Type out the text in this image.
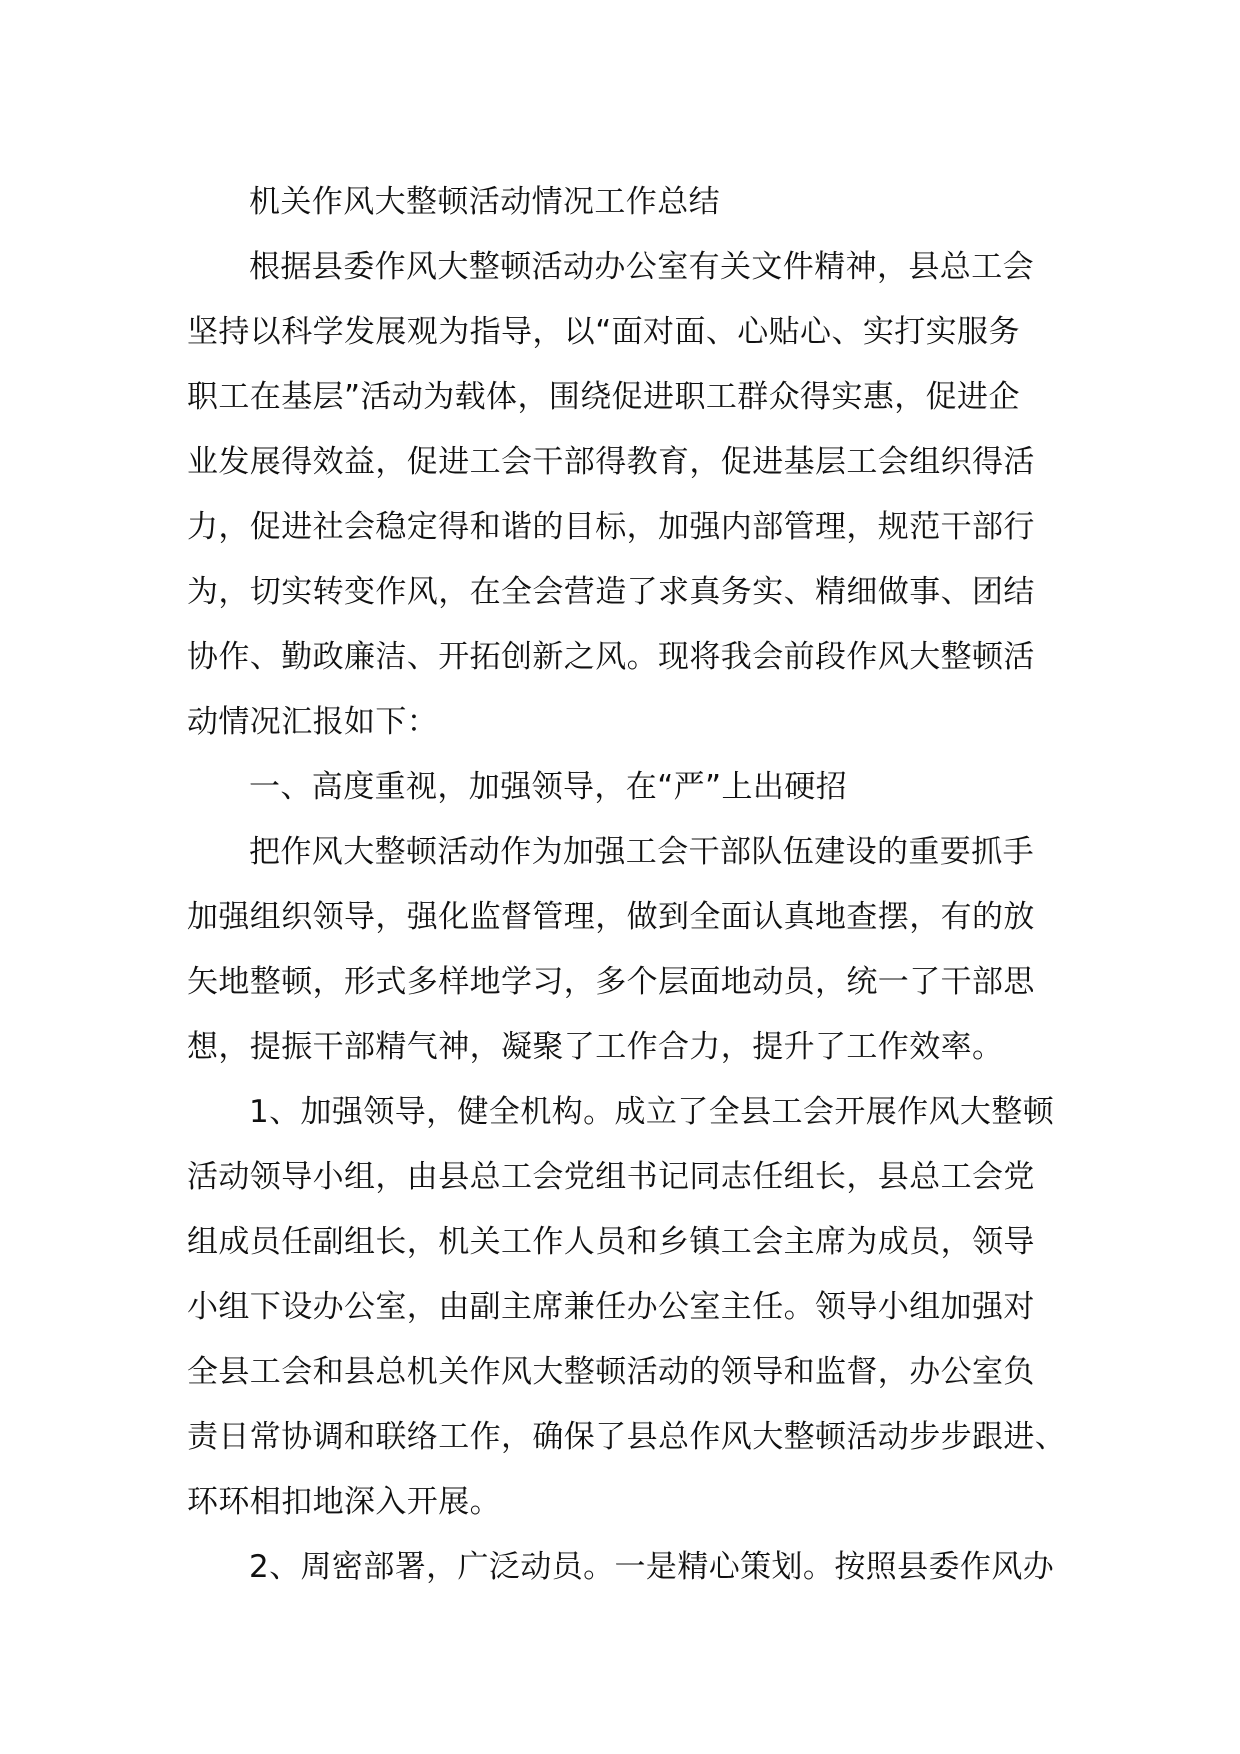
机关作风大整顿活动情况工作总结
根据县委作风大整顿活动办公室有关文件精神，县总工会
坚持以科学发展观为指导，以“面对面、心贴心、实打实服务
职工在基层”活动为载体，围绕促进职工群众得实惠，促进企
业发展得效益，促进工会干部得教育，促进基层工会组织得活
力，促进社会稳定得和谐的目标，加强内部管理，规范干部行
为，切实转变作风，在全会营造了求真务实、精细做事、团结
协作、勤政廉洁、开拓创新之风。现将我会前段作风大整顿活
动情况汇报如下：
一、高度重视，加强领导，在“严”上出硬招
把作风大整顿活动作为加强工会干部队伍建设的重要抓手
加强组织领导，强化监督管理，做到全面认真地查摆，有的放
矢地整顿，形式多样地学习，多个层面地动员，统一了干部思
想，提振干部精气神，凝聚了工作合力，提升了工作效率。
1、加强领导，健全机构。成立了全县工会开展作风大整顿
活动领导小组，由县总工会党组书记同志任组长，县总工会党
组成员任副组长，机关工作人员和乡镇工会主席为成员，领导
小组下设办公室，由副主席兼任办公室主任。领导小组加强对
全县工会和县总机关作风大整顿活动的领导和监督，办公室负
责日常协调和联络工作，确保了县总作风大整顿活动步步跟进、
环环相扣地深入开展。
2、周密部署，广泛动员。一是精心策划。按照县委作风办
